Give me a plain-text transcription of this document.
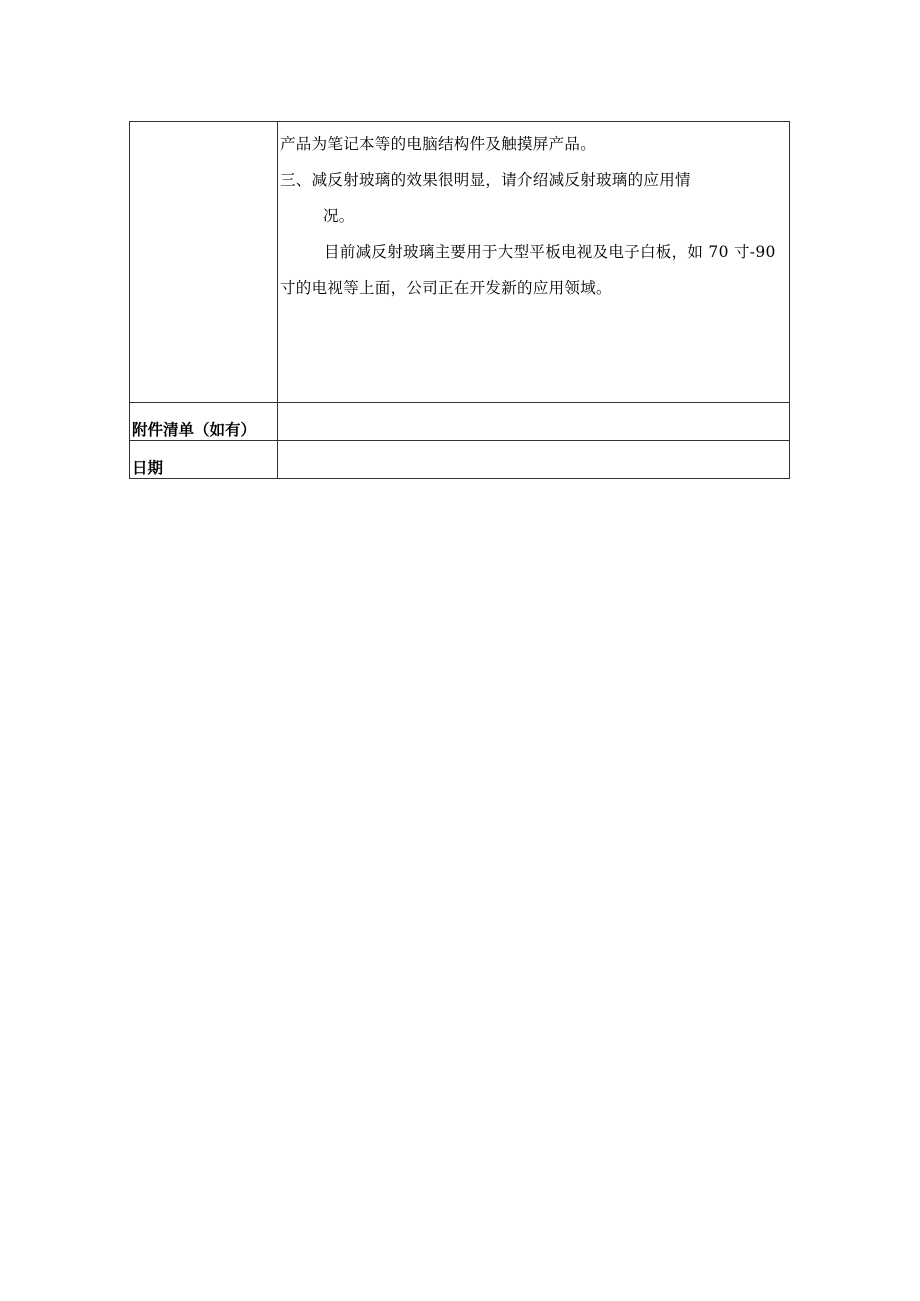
	产品为笔记本等的电脑结构件及触摸屏产品。

三、减反射玻璃的效果很明显，请介绍减反射玻璃的应用情

况。

目前减反射玻璃主要用于大型平板电视及电子白板，如 70 寸-90 寸的电视等上面，公司正在开发新的应用领域。

附件清单（如有）	
日期	
